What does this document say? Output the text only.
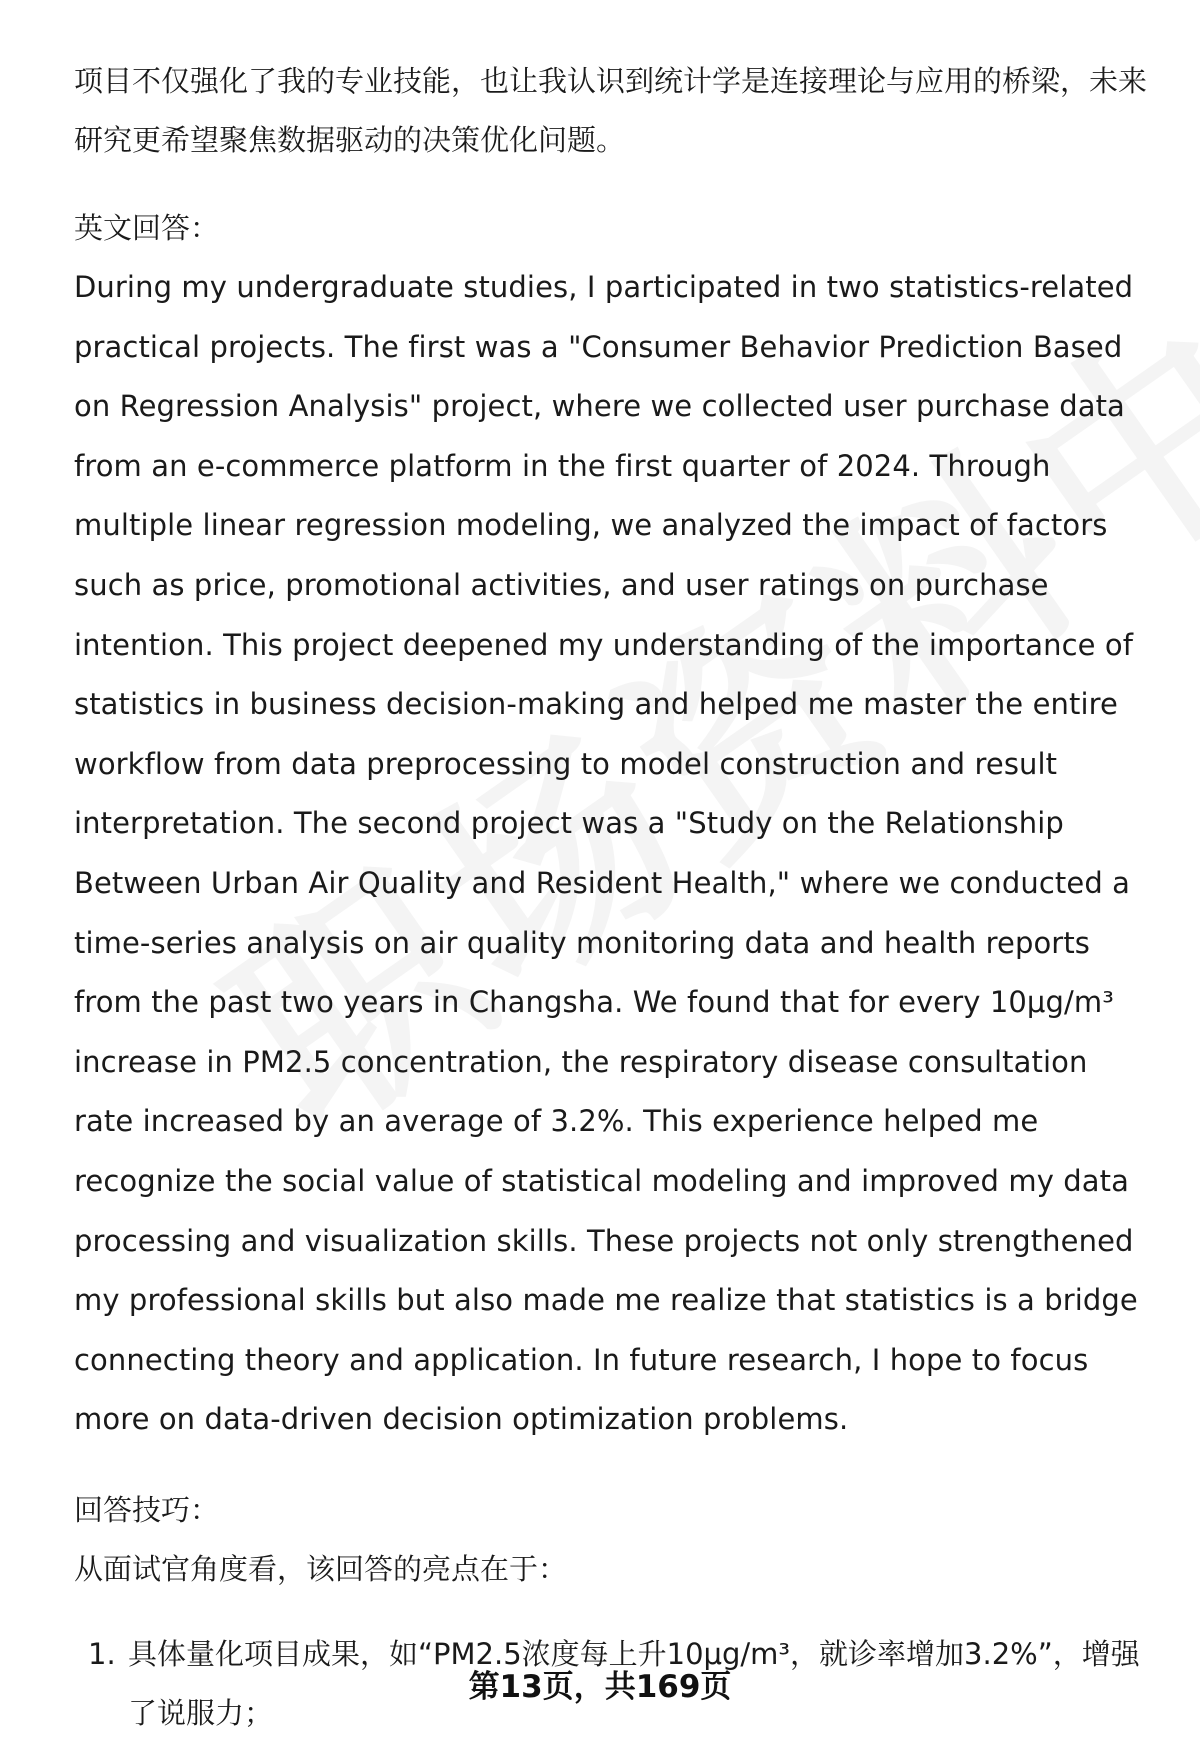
项目不仅强化了我的专业技能，也让我认识到统计学是连接理论与应用的桥梁，未来研究更希望聚焦数据驱动的决策优化问题。

英文回答：

During my undergraduate studies, I participated in two statistics-related practical projects. The first was a "Consumer Behavior Prediction Based on Regression Analysis" project, where we collected user purchase data from an e-commerce platform in the first quarter of 2024. Through multiple linear regression modeling, we analyzed the impact of factors such as price, promotional activities, and user ratings on purchase intention. This project deepened my understanding of the importance of statistics in business decision-making and helped me master the entire workflow from data preprocessing to model construction and result interpretation. The second project was a "Study on the Relationship Between Urban Air Quality and Resident Health," where we conducted a time-series analysis on air quality monitoring data and health reports from the past two years in Changsha. We found that for every 10μg/m³ increase in PM2.5 concentration, the respiratory disease consultation rate increased by an average of 3.2%. This experience helped me recognize the social value of statistical modeling and improved my data processing and visualization skills. These projects not only strengthened my professional skills but also made me realize that statistics is a bridge connecting theory and application. In future research, I hope to focus more on data-driven decision optimization problems.

回答技巧：

从面试官角度看，该回答的亮点在于：

1. 具体量化项目成果，如“PM2.5浓度每上升10μg/m³，就诊率增加3.2%”，增强了说服力；
第13页，共169页
